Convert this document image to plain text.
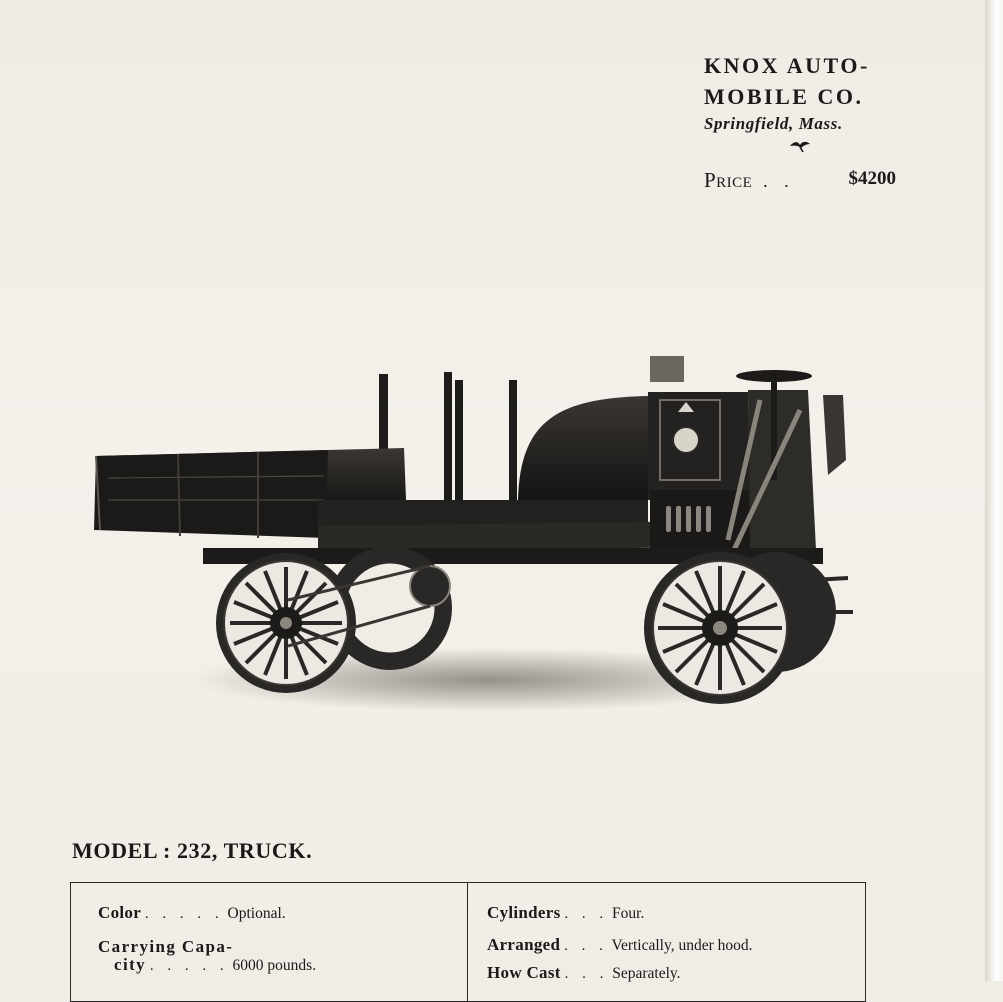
KNOX AUTO-
MOBILE CO.
Springfield, Mass.
Price . .	$4200
MODEL : 232, TRUCK.
Color . . . . . Optional.
Carrying Capa-
city . . . . . 6000 pounds.
Cylinders . . . Four.
Arranged . . . Vertically, under hood.
How Cast . . . Separately.
